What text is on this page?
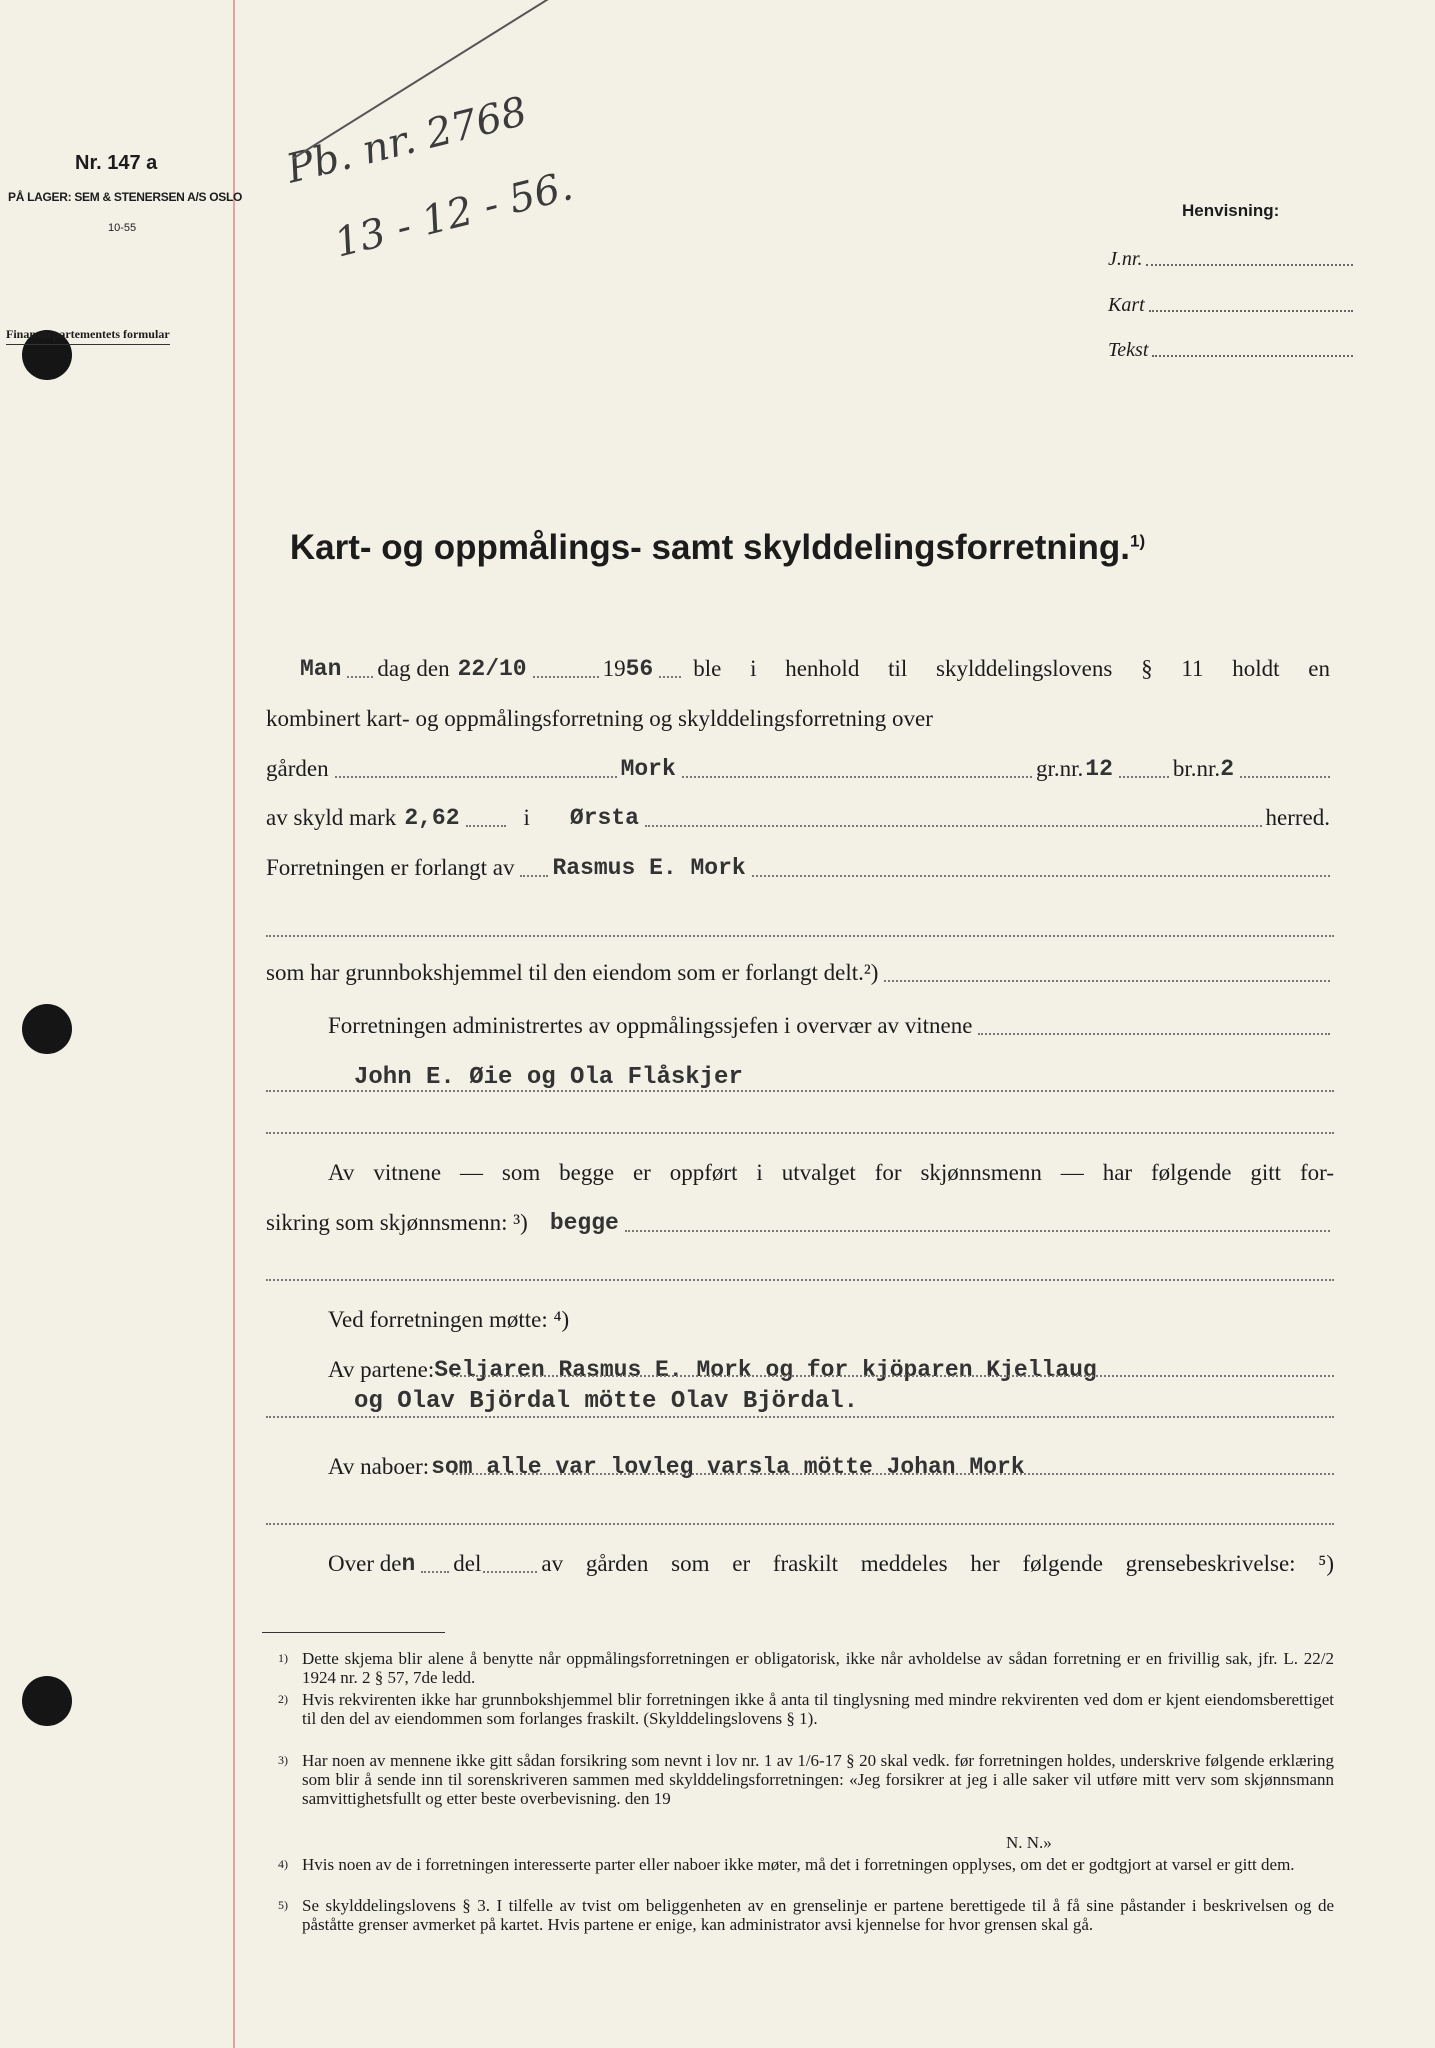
Nr. 147 a
PÅ LAGER: SEM & STENERSEN A/S OSLO
10-55
Finansdepartementets formular
Pb. nr. 2768
13 - 12 - 56.	Henvisning:
J.nr.
Kart
Tekst
Kart- og oppmålings- samt skylddelingsforretning.$^{1)}$
Man dag den 22/10	19 56 ble i henhold til skylddelingslovens § 11 holdt en
kombinert kart- og oppmålingsforretning og skylddelingsforretning over
gården	Mork	gr.nr. 12	br.nr. 2
av skyld mark 2,62	i	Ørsta	herred.
Forretningen er forlangt av Rasmus E. Mork
som har grunnbokshjemmel til den eiendom som er forlangt delt.²)
Forretningen administrertes av oppmålingssjefen i overvær av vitnene
John E. Øie og Ola Flåskjer
Av vitnene — som begge er oppført i utvalget for skjønnsmenn — har følgende gitt for-
sikring som skjønnsmenn: ³) begge
Ved forretningen møtte: ⁴)
Av partene: Seljaren Rasmus E. Mork og for kjöparen Kjellaug
og Olav Björdal mötte Olav Björdal.
Av naboer: som alle var lovleg varsla mötte Johan Mork
Over de n del	av gården som er fraskilt meddeles her følgende grensebeskrivelse: ⁵)
1) Dette skjema blir alene å benytte når oppmålingsforretningen er obligatorisk, ikke når avholdelse av sådan forretning er en frivillig sak, jfr. L. 22/2 1924 nr. 2 § 57, 7de ledd.
2) Hvis rekvirenten ikke har grunnbokshjemmel blir forretningen ikke å anta til tinglysning med mindre rekvirenten ved dom er kjent eiendomsberettiget til den del av eiendommen som forlanges fraskilt. (Skylddelingslovens § 1).
3) Har noen av mennene ikke gitt sådan forsikring som nevnt i lov nr. 1 av 1/6-17 § 20 skal vedk. før forretningen holdes, underskrive følgende erklæring som blir å sende inn til sorenskriveren sammen med skylddelingsforretningen: «Jeg forsikrer at jeg i alle saker vil utføre mitt verv som skjønnsmann samvittighetsfullt og etter beste overbevisning. den 19
N. N.»
4) Hvis noen av de i forretningen interesserte parter eller naboer ikke møter, må det i forretningen opplyses, om det er godtgjort at varsel er gitt dem.
5) Se skylddelingslovens § 3. I tilfelle av tvist om beliggenheten av en grenselinje er partene berettigede til å få sine påstander i beskrivelsen og de påståtte grenser avmerket på kartet. Hvis partene er enige, kan administrator avsi kjennelse for hvor grensen skal gå.
